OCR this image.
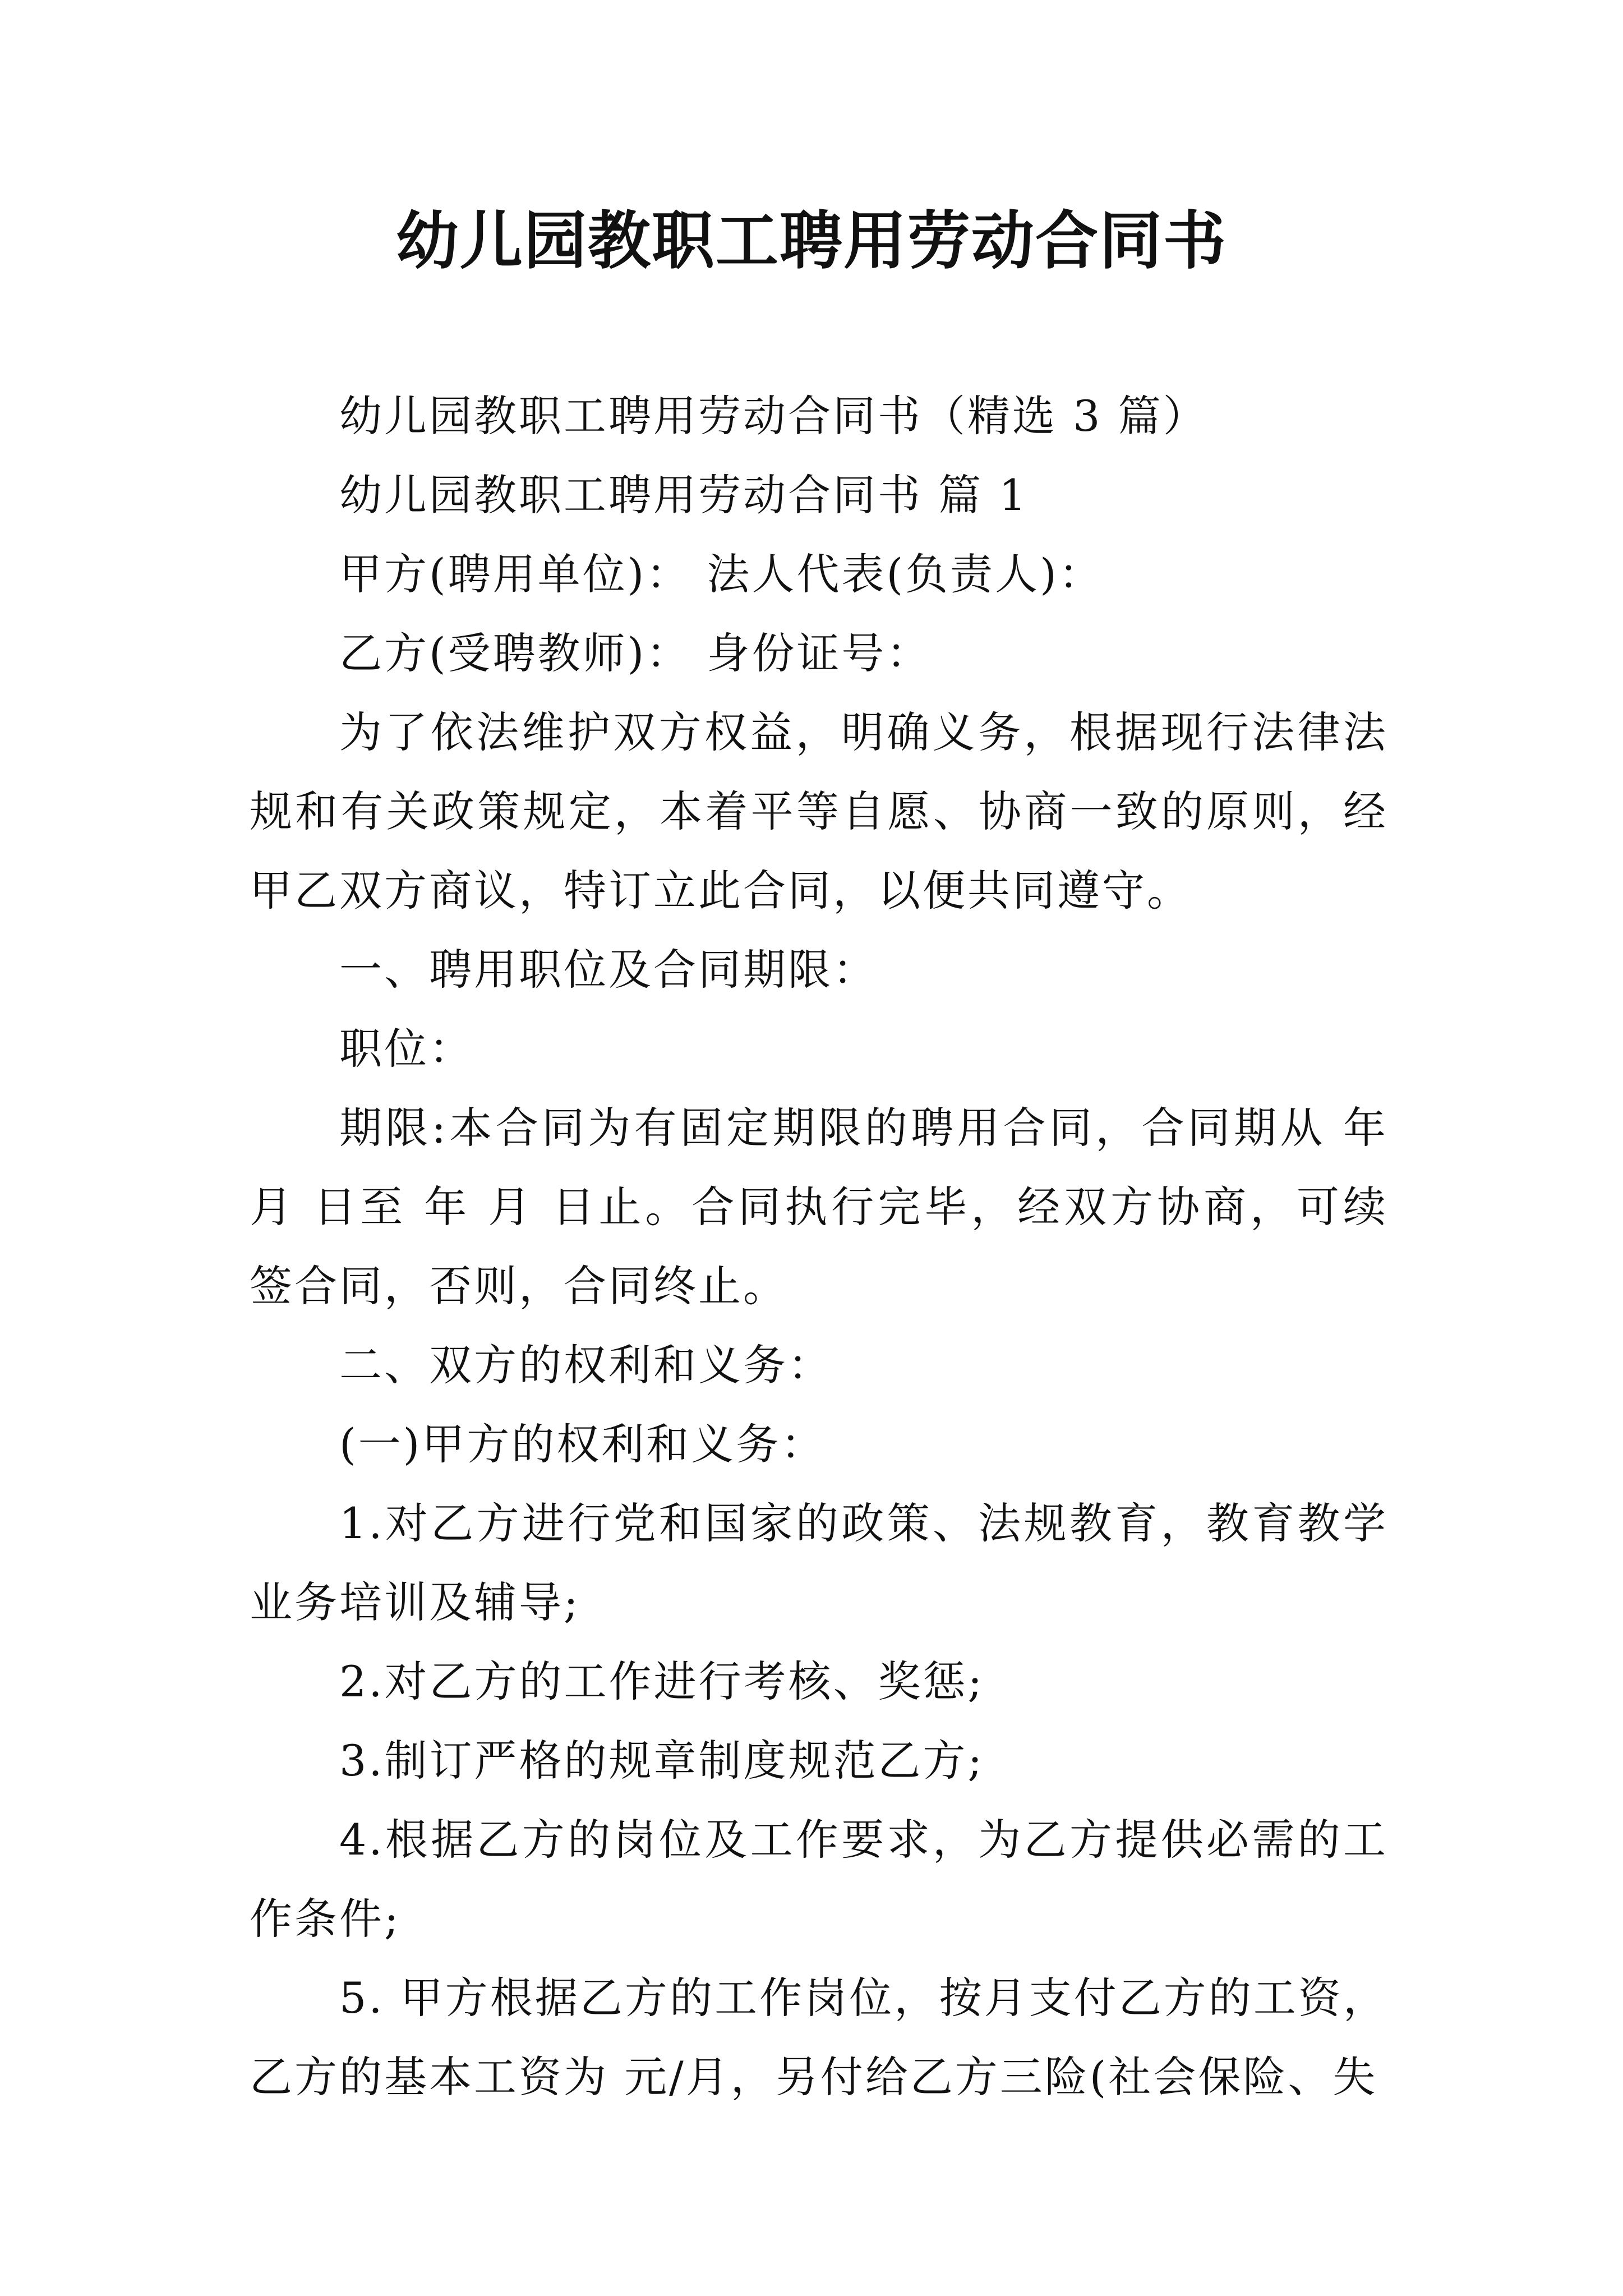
幼儿园教职工聘用劳动合同书

幼儿园教职工聘用劳动合同书（精选 3 篇）

幼儿园教职工聘用劳动合同书 篇 1

甲方(聘用单位)： 法人代表(负责人)：

乙方(受聘教师)： 身份证号：

为了依法维护双方权益，明确义务，根据现行法律法规和有关政策规定，本着平等自愿、协商一致的原则，经甲乙双方商议，特订立此合同，以便共同遵守。

一、聘用职位及合同期限：

职位：

期限:本合同为有固定期限的聘用合同，合同期从 年月 日至 年 月 日止。合同执行完毕，经双方协商，可续签合同，否则，合同终止。

二、双方的权利和义务：

(一)甲方的权利和义务：

1.对乙方进行党和国家的政策、法规教育，教育教学业务培训及辅导;

2.对乙方的工作进行考核、奖惩;

3.制订严格的规章制度规范乙方;

4.根据乙方的岗位及工作要求，为乙方提供必需的工作条件;

5. 甲方根据乙方的工作岗位，按月支付乙方的工资，乙方的基本工资为 元/月，另付给乙方三险(社会保险、失
